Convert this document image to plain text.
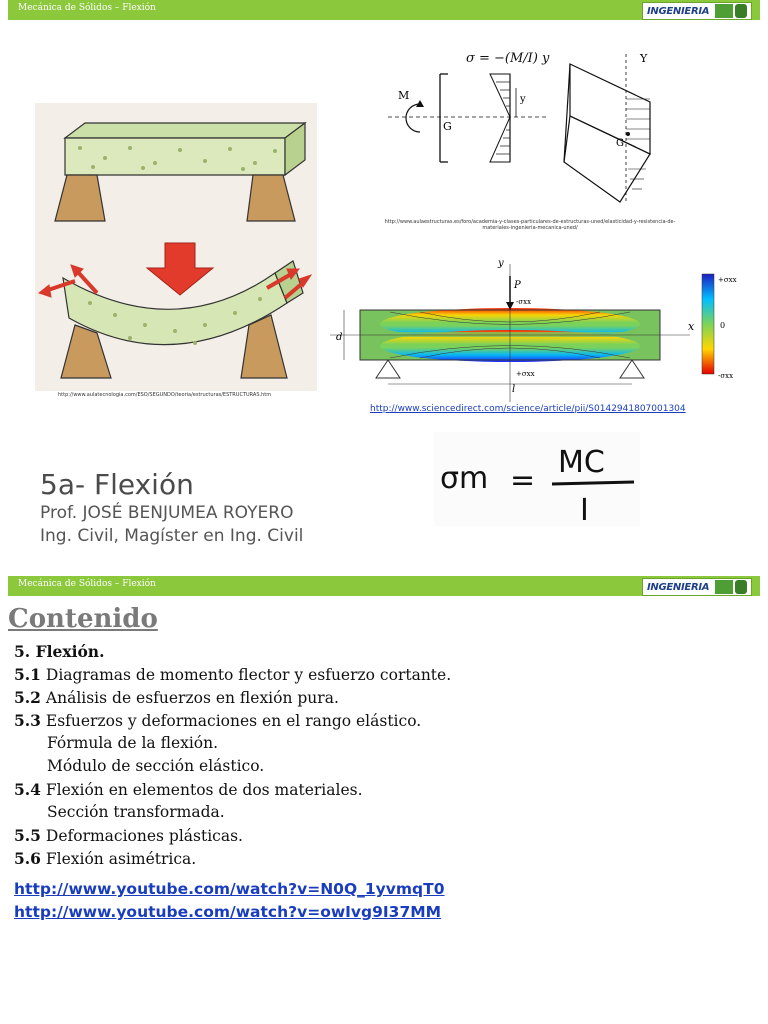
Mecánica de Sólidos – Flexión	INGENIERIA
http://www.aulatecnologia.com/ESO/SEGUNDO/teoria/estructuras/ESTRUCTURAS.htm
σ = −(M/I) y
M
G
y
Y
G
http://www.aulaestructuras.es/foro/academia-y-clases-particulares-de-estructuras-uned/elasticidad-y-resistencia-de-materiales-ingenieria-mecanica-uned/
x
y
P
-σxx
+σxx
d
l
+σxx
0
-σxx
http://www.sciencedirect.com/science/article/pii/S0142941807001304
σm =
MC
I
5a- Flexión
Prof. JOSÉ BENJUMEA ROYERO
Ing. Civil, Magíster en Ing. Civil
Mecánica de Sólidos – Flexión	INGENIERIA
Contenido
5. Flexión.
5.1 Diagramas de momento flector y esfuerzo cortante.
5.2 Análisis de esfuerzos en flexión pura.
5.3 Esfuerzos y deformaciones en el rango elástico.
Fórmula de la flexión.
Módulo de sección elástico.
5.4 Flexión en elementos de dos materiales.
Sección transformada.
5.5 Deformaciones plásticas.
5.6 Flexión asimétrica.
http://www.youtube.com/watch?v=N0Q_1yvmqT0
http://www.youtube.com/watch?v=owIvg9I37MM
